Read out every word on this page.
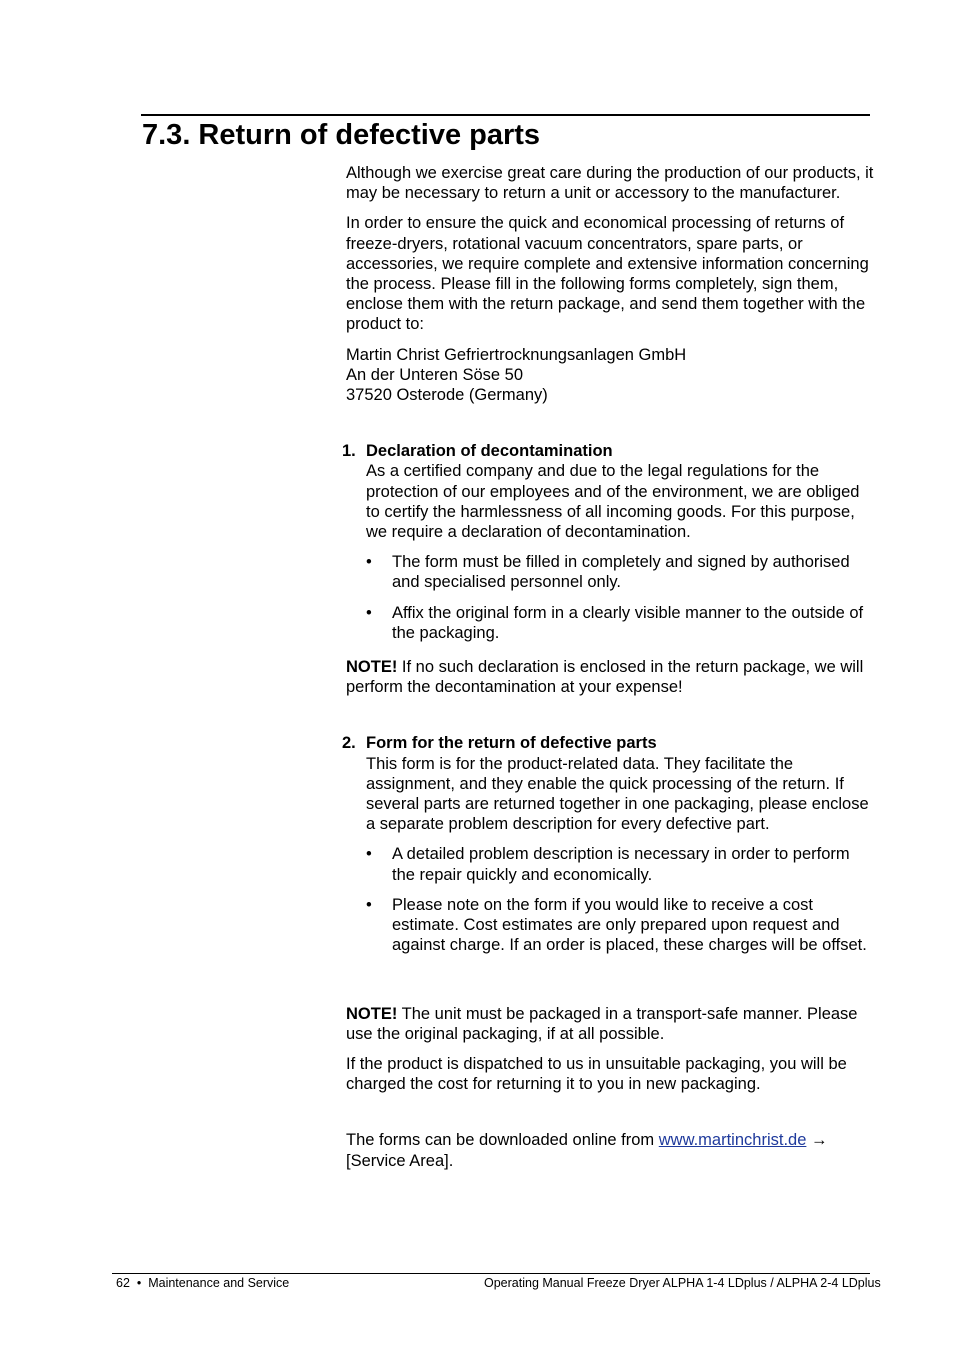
7.3. Return of defective parts

Although we exercise great care during the production of our products, it may be necessary to return a unit or accessory to the manufacturer.

In order to ensure the quick and economical processing of returns of freeze-dryers, rotational vacuum concentrators, spare parts, or accessories, we require complete and extensive information concerning the process. Please fill in the following forms completely, sign them, enclose them with the return package, and send them together with the product to:

Martin Christ Gefriertrocknungsanlagen GmbH
An der Unteren Söse 50
37520 Osterode (Germany)

1. Declaration of decontamination
As a certified company and due to the legal regulations for the protection of our employees and of the environment, we are obliged to certify the harmlessness of all incoming goods. For this purpose, we require a declaration of decontamination.
• The form must be filled in completely and signed by authorised and specialised personnel only.
• Affix the original form in a clearly visible manner to the outside of the packaging.

NOTE! If no such declaration is enclosed in the return package, we will perform the decontamination at your expense!

2. Form for the return of defective parts
This form is for the product-related data. They facilitate the assignment, and they enable the quick processing of the return. If several parts are returned together in one packaging, please enclose a separate problem description for every defective part.
• A detailed problem description is necessary in order to perform the repair quickly and economically.
• Please note on the form if you would like to receive a cost estimate. Cost estimates are only prepared upon request and against charge. If an order is placed, these charges will be offset.

NOTE! The unit must be packaged in a transport-safe manner. Please use the original packaging, if at all possible.

If the product is dispatched to us in unsuitable packaging, you will be charged the cost for returning it to you in new packaging.

The forms can be downloaded online from www.martinchrist.de →
[Service Area].

62 • Maintenance and Service	Operating Manual Freeze Dryer ALPHA 1-4 LDplus / ALPHA 2-4 LDplus
